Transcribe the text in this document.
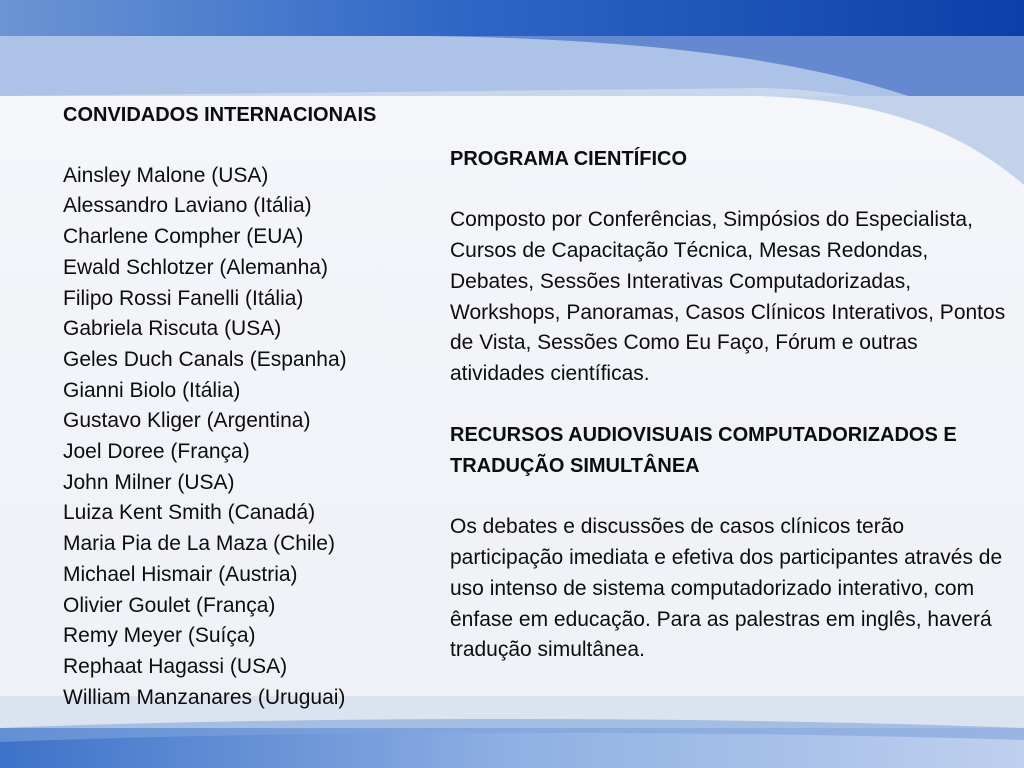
CONVIDADOS INTERNACIONAIS
Ainsley Malone (USA)
Alessandro Laviano (Itália)
Charlene Compher (EUA)
Ewald Schlotzer (Alemanha)
Filipo Rossi Fanelli (Itália)
Gabriela Riscuta (USA)
Geles Duch Canals (Espanha)
Gianni Biolo (Itália)
Gustavo Kliger (Argentina)
Joel Doree (França)
John Milner (USA)
Luiza Kent Smith (Canadá)
Maria Pia de La Maza (Chile)
Michael Hismair (Austria)
Olivier Goulet (França)
Remy Meyer (Suíça)
Rephaat Hagassi (USA)
William Manzanares (Uruguai)
PROGRAMA CIENTÍFICO
Composto por Conferências, Simpósios do Especialista, Cursos de Capacitação Técnica, Mesas Redondas, Debates, Sessões Interativas Computadorizadas, Workshops, Panoramas, Casos Clínicos Interativos, Pontos de Vista, Sessões Como Eu Faço, Fórum e outras atividades científicas.
RECURSOS AUDIOVISUAIS COMPUTADORIZADOS E
TRADUÇÃO SIMULTÂNEA
Os debates e discussões de casos clínicos terão participação imediata e efetiva dos participantes através de uso intenso de sistema computadorizado interativo, com ênfase em educação. Para as palestras em inglês, haverá tradução simultânea.
